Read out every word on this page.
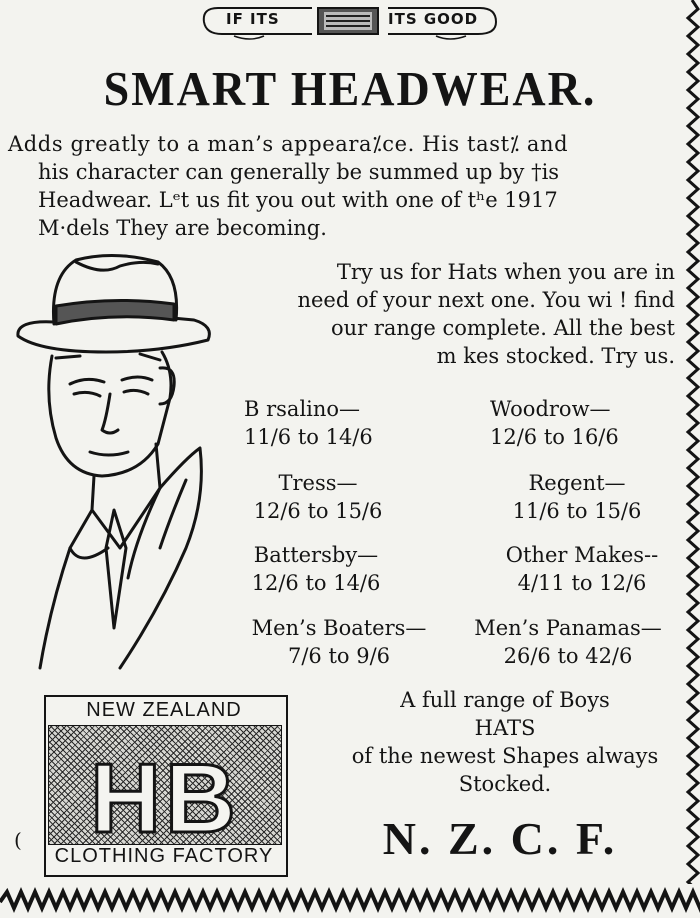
IF ITS	ITS GOOD
SMART HEADWEAR.
Adds greatly to a man’s appeara⁒ce. His tast⁒ and
his character can generally be summed up by †is
Headwear. Lᵉt us fit you out with one of tʰe 1917
M·dels They are becoming.
Try us for Hats when you are in
need of your next one. You wi ! find
our range complete. All the best
m kes stocked. Try us.
B rsalino—
11/6 to 14/6
Woodrow—
12/6 to 16/6
Tress—
12/6 to 15/6
Regent—
11/6 to 15/6
Battersby—
12/6 to 14/6
Other Makes--
4/11 to 12/6
Men’s Boaters—
7/6 to 9/6
Men’s Panamas—
26/6 to 42/6
A full range of Boys
HATS
of the newest Shapes always
Stocked.
NEW ZEALAND
HB
CLOTHING FACTORY
(	N. Z. C. F.
